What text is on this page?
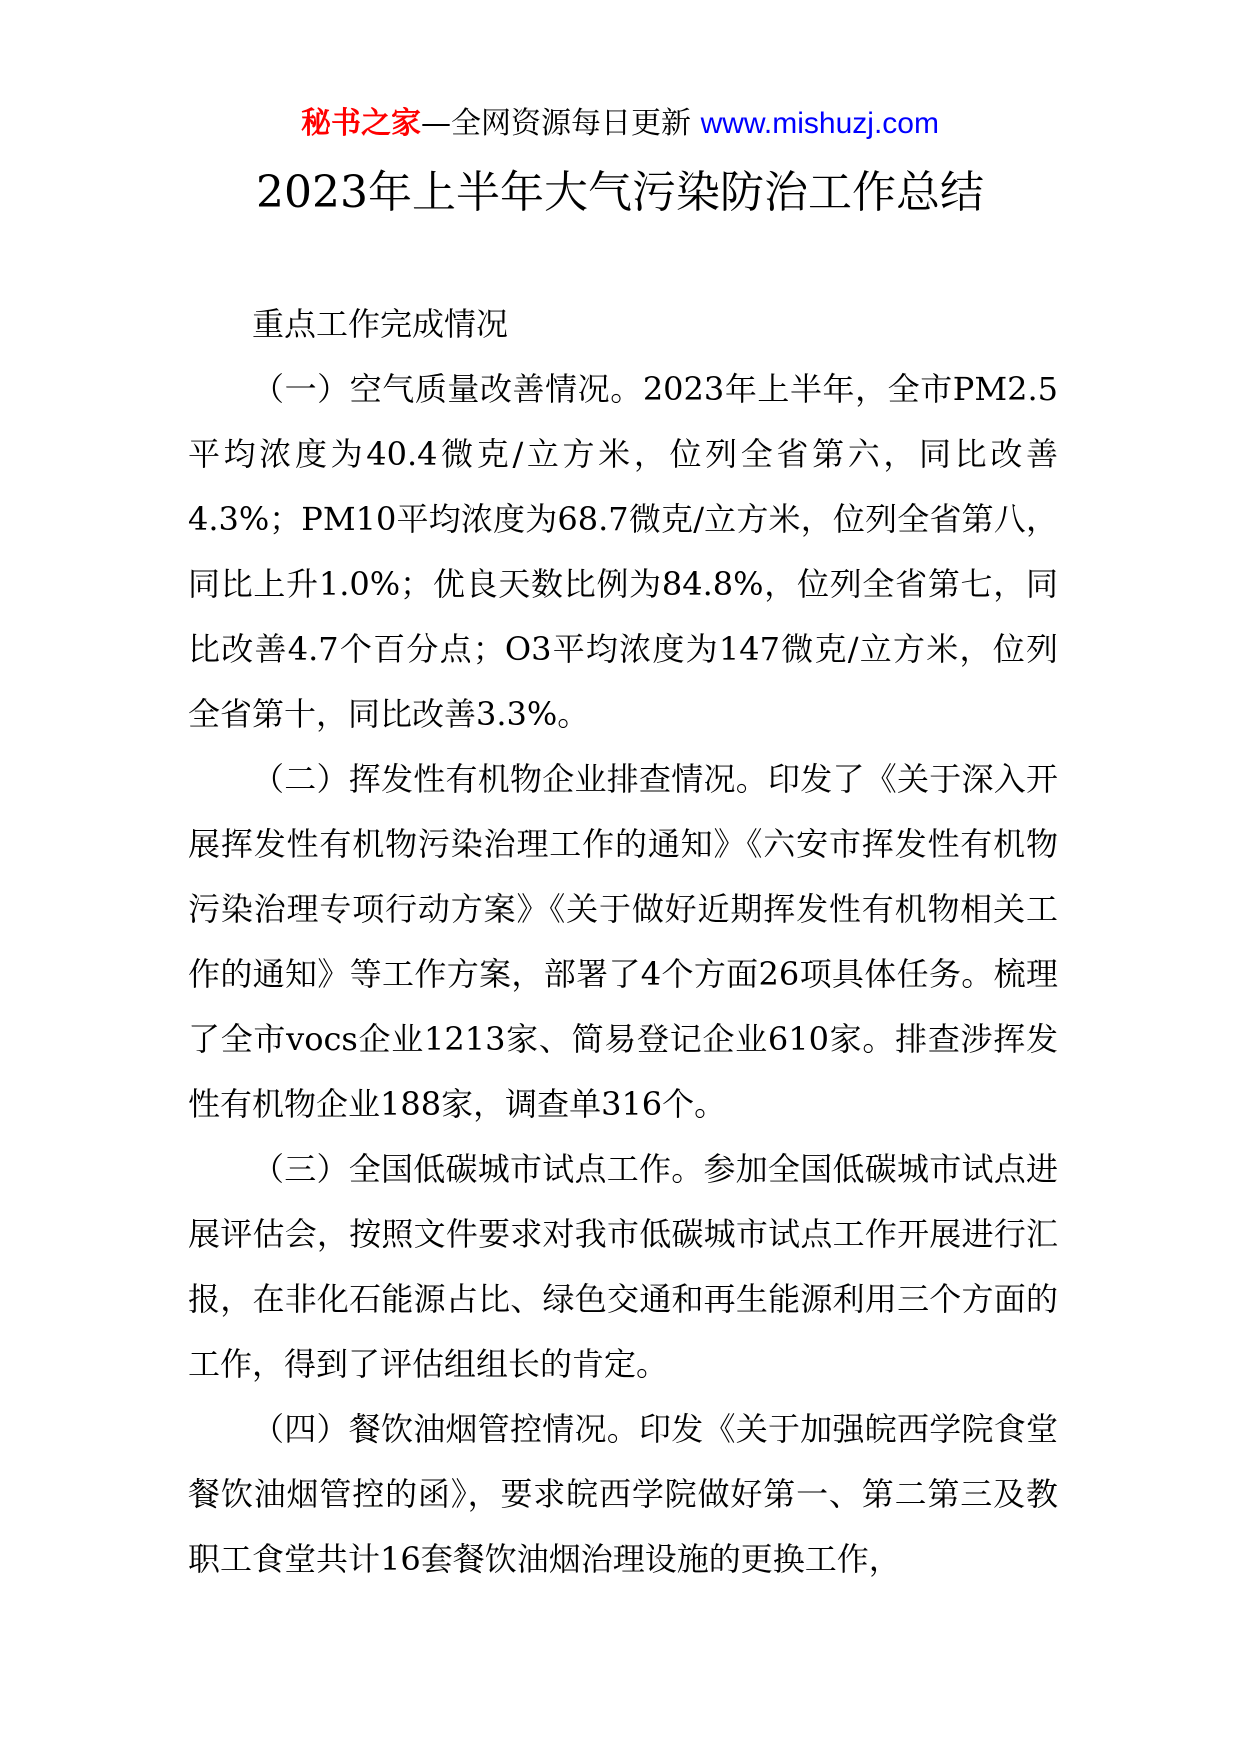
秘书之家—全网资源每日更新 www.mishuzj.com
2023年上半年大气污染防治工作总结

重点工作完成情况

（一）空气质量改善情况。2023年上半年，全市PM2.5平均浓度为40.4微克/立方米，位列全省第六，同比改善4.3%；PM10平均浓度为68.7微克/立方米，位列全省第八，同比上升1.0%；优良天数比例为84.8%，位列全省第七，同比改善4.7个百分点；O3平均浓度为147微克/立方米，位列全省第十，同比改善3.3%。

（二）挥发性有机物企业排查情况。印发了《关于深入开展挥发性有机物污染治理工作的通知》《六安市挥发性有机物污染治理专项行动方案》《关于做好近期挥发性有机物相关工作的通知》等工作方案，部署了4个方面26项具体任务。梳理了全市vocs企业1213家、简易登记企业610家。排查涉挥发性有机物企业188家，调查单316个。

（三）全国低碳城市试点工作。参加全国低碳城市试点进展评估会，按照文件要求对我市低碳城市试点工作开展进行汇报，在非化石能源占比、绿色交通和再生能源利用三个方面的工作，得到了评估组组长的肯定。

（四）餐饮油烟管控情况。印发《关于加强皖西学院食堂餐饮油烟管控的函》，要求皖西学院做好第一、第二第三及教职工食堂共计16套餐饮油烟治理设施的更换工作，
